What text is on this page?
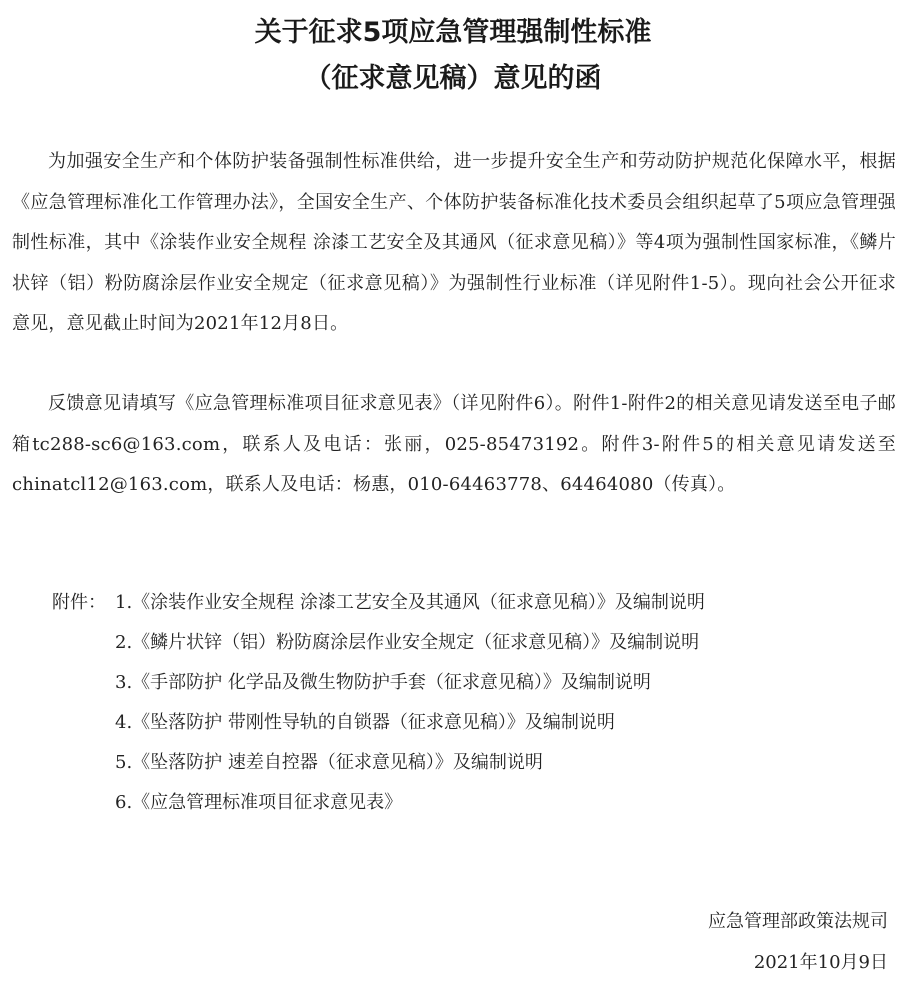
关于征求5项应急管理强制性标准
（征求意见稿）意见的函

为加强安全生产和个体防护装备强制性标准供给，进一步提升安全生产和劳动防护规范化保障水平，根据《应急管理标准化工作管理办法》，全国安全生产、个体防护装备标准化技术委员会组织起草了5项应急管理强制性标准，其中《涂装作业安全规程 涂漆工艺安全及其通风（征求意见稿）》等4项为强制性国家标准，《鳞片状锌（铝）粉防腐涂层作业安全规定（征求意见稿）》为强制性行业标准（详见附件1-5）。现向社会公开征求意见，意见截止时间为2021年12月8日。

反馈意见请填写《应急管理标准项目征求意见表》（详见附件6）。附件1-附件2的相关意见请发送至电子邮箱tc288-sc6@163.com，联系人及电话：张丽，025-85473192。附件3-附件5的相关意见请发送至chinatcl12@163.com，联系人及电话：杨惠，010-64463778、64464080（传真）。

附件： 1.《涂装作业安全规程 涂漆工艺安全及其通风（征求意见稿）》及编制说明
2.《鳞片状锌（铝）粉防腐涂层作业安全规定（征求意见稿）》及编制说明
3.《手部防护 化学品及微生物防护手套（征求意见稿）》及编制说明
4.《坠落防护 带刚性导轨的自锁器（征求意见稿）》及编制说明
5.《坠落防护 速差自控器（征求意见稿）》及编制说明
6.《应急管理标准项目征求意见表》

应急管理部政策法规司

2021年10月9日
